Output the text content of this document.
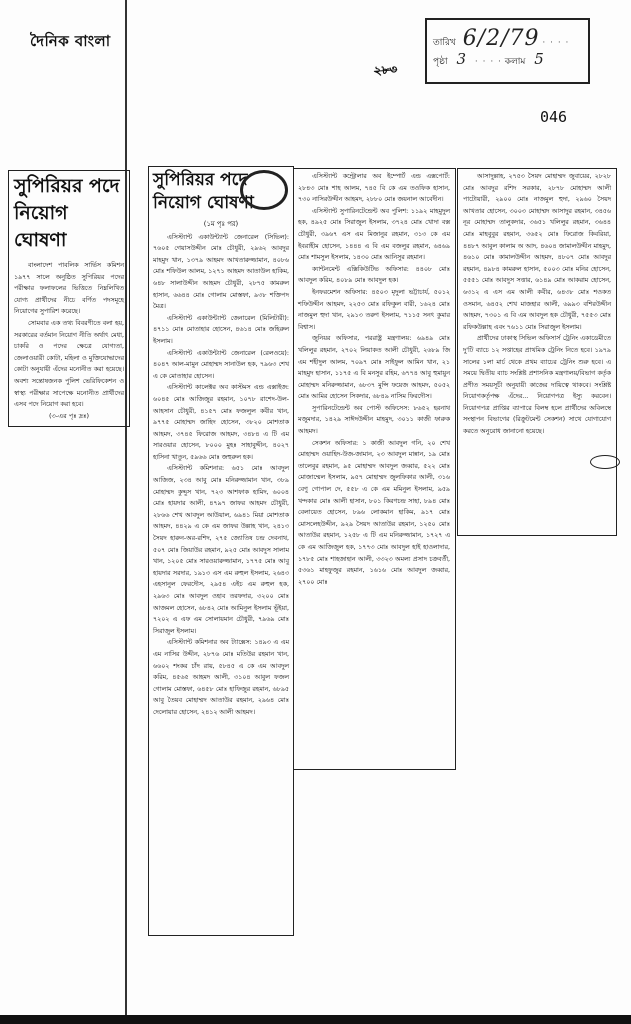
দৈনিক বাংলা	তারিখ 6/2/79 · · · ·
পৃষ্ঠা 3 · · · · কলাম 5
২৮৩
046
সুপিরিয়র পদে নিয়োগ ঘোষণা

বাংলাদেশ পাবলিক সার্ভিস কমিশন ১৯৭৭ সালে অনুষ্ঠিত সুপিরিয়র পদের পরীক্ষার ফলাফলের ভিত্তিতে নিম্নলিখিত যোগ্য প্রার্থীদের নীচে বর্ণিত পদসমূহে নিয়োগের সুপারিশ করেছে।

সোমবার এক তথ্য বিবরণীতে বলা হয়, সরকারের বর্তমান নিয়োগ নীতি অর্থাৎ মেধা, চাকরি ও পদের ক্ষেত্রে যোগ্যতা, জেলাওয়ারী কোটা, মহিলা ও মুক্তিযোদ্ধাদের কোটা অনুযায়ী এঁদের মনোনীত করা হয়েছে। অবশ্য সন্তোষজনক পুলিশ ভেরিফিকেশন ও স্বাস্থ্য পরীক্ষার সাপেক্ষে মনোনীত প্রার্থীদের এসব পদে নিয়োগ করা হবে।

(৩-এর পৃঃ দ্রঃ)
সুপিরিয়র পদে নিয়োগ ঘোষণা
(১ম পৃঃ পর)

এসিস্ট্যান্ট একাউন্ট্যান্ট জেনারেল (সিভিল): ৭৬০৫ গেয়াসউদ্দীন মোঃ চৌধুরী, ২৯৬২ আবদুর মাহমুদ খান, ১৩৭৯ আহমদ আখতারুজ্জামান, ৪০৮৬ মোঃ শফিউল আলম, ১২৭১ আহমদ আতাউল হাকিম, ৬৪৮ সালাউদ্দীন আহমদ চৌধুরী, ২৮৭৫ কামরুল হাসান, ৬৬৪৪ মোঃ গোলাম মোস্তফা, ৯৩৮ শক্তিপদ মৈত্র।

এসিস্ট্যান্ট একাউন্ট্যান্ট জেনারেল (মিলিটারী): ৪৭১১ মোঃ মোতাহার হোসেন, ৪৬১৪ মোঃ জহিরুল ইসলাম।

এসিস্ট্যান্ট একাউন্ট্যান্ট জেনারেল (রেলওয়ে): ৪০৪৭ আল-মামুন মোহাম্মদ সানাউল হক, ৭৯৬৩ শেখ এ কে মোতাহার হোসেন।

এসিস্ট্যান্ট কালেক্টর অব কাস্টমস এন্ড এক্সাইজ: ৬০৪৫ মোঃ আজিজুর রহমান, ১০৭৮ রাশেদ-উল-আহসান চৌধুরী, ৪১৫৭ মোঃ ফজলুল কবীর খান, ৯৭৭৫ মোহাম্মদ জাহিদ হোসেন, ৩৮২০ মোশতাক আহমদ, ৩৭৪৫ ফিরোজ আহমদ, ৩৪৮৪ এ টি এম সারওয়ার হোসেন, ৮০০০ মুহঃ সাহাবুদ্দীন, ৪০২৭ হাসিনা খাতুন, ৫৯৬৬ মোঃ জহুরুল হক।

এসিস্ট্যান্ট কমিশনার: ৬৫১ মোঃ আবদুল আজিজ, ২৩৪ আবু মোঃ মনিরুজ্জামান খান, ৩৮৯ মোহাম্মদ কুদ্দুস খান, ৭২৩ আশফাক হামিদ, ৬০০৪ মোঃ হায়দার আলী, ৪৭৯৭ জাফর আহমদ চৌধুরী, ২৮৬৬ শেখ আবদুল আউয়াল, ৬৯৪১ মিয়া মোশতাক আহমদ, ৪৪২৯ এ কে এম জাফর উল্লাহ খান, ২৪১৩ সৈয়দ হারুন-অর-রশিদ, ২৭৫ জ্যোতিষ চন্দ্র দেবনাথ, ৫০৭ মোঃ জিয়াউর রহমান, ৯২৫ মোঃ আবদুস সালাম খান, ১২০৫ মোঃ সারওয়ারুজ্জামান, ১৭৭৫ মোঃ আবু হায়দার সরদার, ১৯১৩ এস এম রুহুল ইসলাম, ২৬৪৩ এহসানুল ফেরদৌস, ২৯৫৪ এইচ এম রুহুল হক, ২৯৬৩ মোঃ আবদুল ওহাব তরফদার, ৩২০০ মোঃ আজমল হোসেন, ৬৮৪২ মোঃ আমিনুল ইসলাম ভূঁইয়া, ৭২০২ এ এফ এম সোলায়মান চৌধুরী, ৭৯৬৯ মোঃ সিরাজুল ইসলাম।

এসিস্ট্যান্ট কমিশনার অব ট্যাক্সেস: ১৪৯৩ এ এম এম নাসির উদ্দীন, ২৮৭৬ মোঃ মতিউর রহমান খান, ৬৬০২ শংকর চাঁদ রায়, ৫৮৪৫ এ কে এম আবদুল করিম, ৪৫৬৫ আহমদ আলী, ৩১০৪ আবুল ফজল গোলাম মোস্তফা, ৬৪৫৮ মোঃ হাফিজুর রহমান, ৬৮৯৫ আবু তৈয়ব মোহাম্মদ আতাউর রহমান, ২৯৬৪ মোঃ দেলোয়ার হোসেন, ২৪১২ আলী আহমদ।

এসিস্ট্যান্ট কন্ট্রোলার অব ইম্পোর্ট এন্ড এক্সপোর্ট: ২৮৪৩ মোঃ শাহ আলম, ৭৪৫ বি কে এম তওফিক হাসান, ৭৩০ নাসিরউদ্দীন আহমদ, ২৮৮০ মোঃ জয়নাল আবেদীন।

এসিস্ট্যান্ট সুপারিনটেন্ডেন্ট অব পুলিশ: ১১৯২ মাহমুদুল হক, ৪৯২৫ মোঃ সিরাজুল ইসলাম, ৩৭২৪ মোঃ খোদা বক্স চৌধুরী, ৩৯৬৭ এস এম মিজানুর রহমান, ৩১৩ কে এম ইবরাহীম হোসেন, ১৪৪৪ এ বি এম বজলুর রহমান, ৬৪৬৯ মোঃ শামসুল ইসলাম, ১৪৩০ মোঃ আনিসুর রহমান।

ক্যান্টনমেন্ট এক্সিকিউটিভ অফিসার: ৪৪০৮ মোঃ আবদুল করিম, ৪০৮৯ মোঃ আবদুল হক।

ইনফরমেশন অফিসার: ৪৫০৩ মৃদুলা ভট্টাচার্য, ৫০১২ শফিউদ্দীন আহমদ, ২২৫৩ মোঃ রফিকুল বারী, ১৬২৪ মোঃ নাজমুল হুদা খান, ২৯১৩ তরুণ ইসলাম, ৭১১৫ সনৎ কুমার বিশ্বাস।

জুনিয়র অফিসার, পররাষ্ট্র মন্ত্রণালয়: ৬৯৪৯ মোঃ খলিলুর রহমান, ২৭০২ লিয়াকত আলী চৌধুরী, ২৬৮৯ জি এম শহীদুল আলম, ৭০৯৭ মোঃ সাইফুল আমিন খান, ২১ মাহমুদ হাসান, ১১৭৫ এ বি মনসুর রহিম, ৬৭৭৪ আবু হুমায়ুন মোহাম্মদ মনিরুজ্জামান, ৬৮৩৭ মুন্সি ফয়েজ আহমদ, ৫০৫২ মোঃ আমির হোসেন সিকদার, ৬৮৪৯ নাসিম ফিরদৌস।

সুপারিনটেন্ডেন্ট অব পোস্ট অফিসেস: ৮৬৫২ হরনাথ মজুমদার, ১৪২৯ সাঈদউদ্দীন মাহমুদ, ৩০১১ কাজী ফারুক আহমদ।

সেকশন অফিসার: ১ কাজী আবদুল গনি, ২০ শেখ মোহাম্মদ ওয়াহিদ-উজ-জামান, ২৩ আবদুল মান্নান, ১৯ মোঃ তালেবুর রহমান, ৯৫ মোহাম্মদ আবদুল জব্বার, ৫২২ মোঃ মোজাম্মেল ইসলাম, ৯৫৭ মোহাম্মদ জুলফিকার আলী, ৩১৬ বেণু গোপাল দে, ৫৫৮ এ কে এম মমিনুল ইসলাম, ৯৫৯ খন্দকার মোঃ আলী হাসান, ৮০১ কিরণচন্দ্র সাহা, ৮৯৪ মোঃ বেলায়েত হোসেন, ৮৯৬ লোকমান হাকিম, ৯১৭ মোঃ মোসলেহউদ্দীন, ৯২৯ সৈয়দ আতাউর রহমান, ১২৫০ মোঃ আতাউর রহমান, ১২৫৮ এ টি এম মনিরুজ্জামান, ১৭২৭ এ কে এম আজিজুল হক, ১৭৭৩ মোঃ আবদুল হাই হাওলাদার, ১৭৮৫ মোঃ শাহজাহান আলী, ৩৩২৩ অমল্য প্রসাদ চক্রবর্তী, ৫৩৬১ মাহফুজুর রহমান, ১৬১৬ মোঃ আবদুল জব্বার, ২৭০০ মোঃ

আসাদুল্লাহ, ২৭৫৩ সৈয়দ মোহাম্মদ জুবায়ের, ২৮২৮ মোঃ আবদুর রশিদ সরকার, ২৮৭৮ মোহাম্মদ আলী পাটোয়ারী, ২৯০০ মোঃ নাজমুল হুদা, ২৯৬০ সৈয়দ আখতার হোসেন, ৩০০৩ মোহাম্মদ আসাদুর রহমান, ৩৪৫৬ নূর মোহাম্মদ তালুকদার, ৩৬৫১ খলিলুর রহমান, ৩৬৪৪ মোঃ মাহবুবুর রহমান, ৩৬৫২ মোঃ ফিরোজ কিবরিয়া, ৪৪৮৭ আবুল কালাম অ আদ, ৪৬০৪ জামালউদ্দীন মাহমুদ, ৪৬১০ মোঃ কামালউদ্দীন আহমদ, ৪৮০৭ মোঃ আবদুর রহমান, ৪৯৮৪ কামরুল হাসান, ৫০০৩ মোঃ মনির হোসেন, ৫৫৫১ মোঃ আবদুস সত্তার, ৬১৪৯ মোঃ আকরাম হোসেন, ৬৩১২ এ এস এম আলী কবীর, ৬৪৩৮ মোঃ শওকত ওসমান, ৬৪৫২ শেখ মাজহার আলী, ৬৯৯৩ বশিরউদ্দীন আহমদ, ৭৩০১ এ বি এম আবদুল হক চৌধুরী, ৭৫৫৩ মোঃ রফিকউল্লাহ এবং ৭৬১১ মোঃ সিরাজুল ইসলাম।

প্রার্থীদের ঢাকাস্থ সিভিল অফিসার্স ট্রেনিং একাডেমীতে দু'টি ব্যাচে ১২ সপ্তাহের প্রাথমিক ট্রেনিং নিতে হবে। ১৯৭৯ সালের ১লা মার্চ থেকে প্রথম ব্যাচের ট্রেনিং শুরু হবে। এ সময়ে দ্বিতীয় ব্যাচ সংশ্লিষ্ট প্রশাসনিক মন্ত্রণালয়/বিভাগ কর্তৃক প্রণীত সময়সূচী অনুযায়ী কাজের দায়িত্বে থাকবে। সংশ্লিষ্ট নিয়োগকর্তৃপক্ষ এঁদের... নিয়োগপত্র ইস্যু করবেন। নিয়োগপত্র প্রাপ্তির ব্যাপারে বিলম্ব হলে প্রার্থীদের অবিলম্বে সংস্থাপন বিভাগের (রিক্রুটমেন্ট সেকশন) সাথে যোগাযোগ করতে অনুরোধ জানানো হয়েছে।
